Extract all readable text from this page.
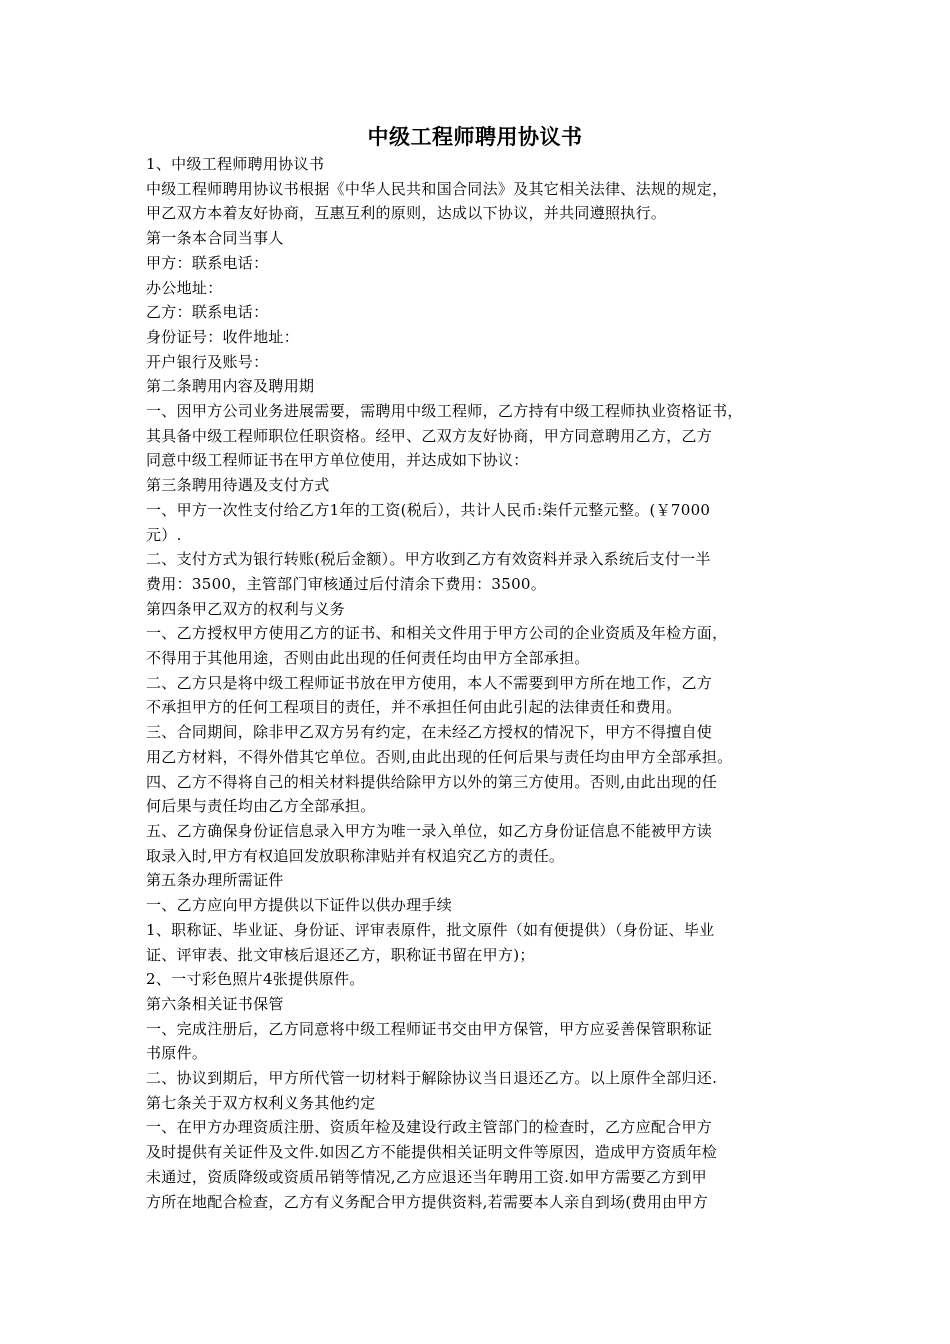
中级工程师聘用协议书
1、中级工程师聘用协议书
中级工程师聘用协议书根据《中华人民共和国合同法》及其它相关法律、法规的规定，
甲乙双方本着友好协商，互惠互利的原则，达成以下协议，并共同遵照执行。
第一条本合同当事人
甲方：联系电话：
办公地址：
乙方：联系电话：
身份证号：收件地址：
开户银行及账号：
第二条聘用内容及聘用期
一、因甲方公司业务进展需要，需聘用中级工程师，乙方持有中级工程师执业资格证书，
其具备中级工程师职位任职资格。经甲、乙双方友好协商，甲方同意聘用乙方，乙方
同意中级工程师证书在甲方单位使用，并达成如下协议：
第三条聘用待遇及支付方式
一、甲方一次性支付给乙方1年的工资(税后），共计人民币:柒仟元整元整。(￥7000
元）.
二、支付方式为银行转账(税后金额）。甲方收到乙方有效资料并录入系统后支付一半
费用：3500，主管部门审核通过后付清余下费用：3500。
第四条甲乙双方的权利与义务
一、乙方授权甲方使用乙方的证书、和相关文件用于甲方公司的企业资质及年检方面，
不得用于其他用途，否则由此出现的任何责任均由甲方全部承担。
二、乙方只是将中级工程师证书放在甲方使用，本人不需要到甲方所在地工作，乙方
不承担甲方的任何工程项目的责任，并不承担任何由此引起的法律责任和费用。
三、合同期间，除非甲乙双方另有约定，在未经乙方授权的情况下，甲方不得擅自使
用乙方材料，不得外借其它单位。否则,由此出现的任何后果与责任均由甲方全部承担。
四、乙方不得将自己的相关材料提供给除甲方以外的第三方使用。否则,由此出现的任
何后果与责任均由乙方全部承担。
五、乙方确保身份证信息录入甲方为唯一录入单位，如乙方身份证信息不能被甲方读
取录入时,甲方有权追回发放职称津贴并有权追究乙方的责任。
第五条办理所需证件
一、乙方应向甲方提供以下证件以供办理手续
1、职称证、毕业证、身份证、评审表原件，批文原件（如有便提供）（身份证、毕业
证、评审表、批文审核后退还乙方，职称证书留在甲方)；
2、一寸彩色照片4张提供原件。
第六条相关证书保管
一、完成注册后，乙方同意将中级工程师证书交由甲方保管，甲方应妥善保管职称证
书原件。
二、协议到期后，甲方所代管一切材料于解除协议当日退还乙方。以上原件全部归还.
第七条关于双方权利义务其他约定
一、在甲方办理资质注册、资质年检及建设行政主管部门的检查时，乙方应配合甲方
及时提供有关证件及文件.如因乙方不能提供相关证明文件等原因，造成甲方资质年检
未通过，资质降级或资质吊销等情况,乙方应退还当年聘用工资.如甲方需要乙方到甲
方所在地配合检查，乙方有义务配合甲方提供资料,若需要本人亲自到场(费用由甲方
